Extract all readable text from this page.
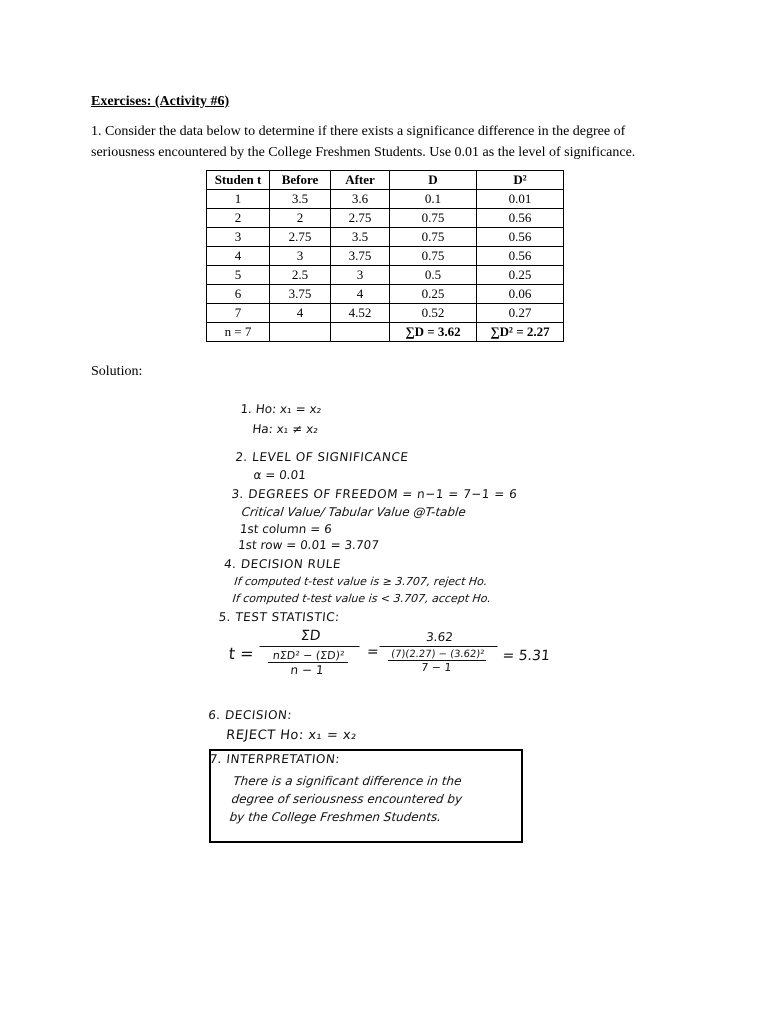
Exercises: (Activity #6)
1. Consider the data below to determine if there exists a significance difference in the degree of seriousness encountered by the College Freshmen Students. Use 0.01 as the level of significance.
Studen t	Before	After	D	D²
1	3.5	3.6	0.1	0.01
2	2	2.75	0.75	0.56
3	2.75	3.5	0.75	0.56
4	3	3.75	0.75	0.56
5	2.5	3	0.5	0.25
6	3.75	4	0.25	0.06
7	4	4.52	0.52	0.27
n = 7			∑D = 3.62	∑D² = 2.27
Solution:
1. Ho: x₁ = x₂
Ha: x₁ ≠ x₂
2. LEVEL OF SIGNIFICANCE
α = 0.01
3. DEGREES OF FREEDOM = n−1 = 7−1 = 6
Critical Value/ Tabular Value @T-table
1st column = 6
1st row = 0.01 = 3.707
4. DECISION RULE
If computed t-test value is ≥ 3.707, reject Ho.
If computed t-test value is < 3.707, accept Ho.
5. TEST STATISTIC:
t =
ΣD
nΣD² − (ΣD)²
n − 1
=
3.62
(7)(2.27) − (3.62)²
7 − 1
= 5.31
6. DECISION:
REJECT Ho: x₁ = x₂
7. INTERPRETATION:
There is a significant difference in the
degree of seriousness encountered by
by the College Freshmen Students.
